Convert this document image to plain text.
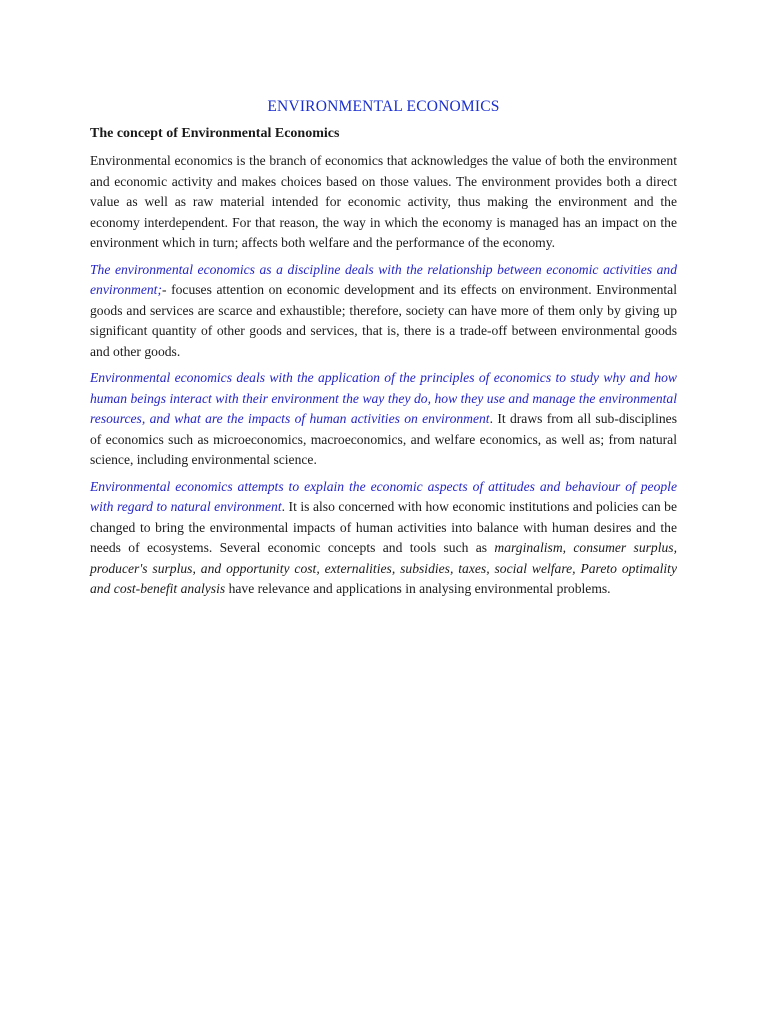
ENVIRONMENTAL ECONOMICS
The concept of Environmental Economics

Environmental economics is the branch of economics that acknowledges the value of both the environment and economic activity and makes choices based on those values. The environment provides both a direct value as well as raw material intended for economic activity, thus making the environment and the economy interdependent. For that reason, the way in which the economy is managed has an impact on the environment which in turn; affects both welfare and the performance of the economy.

The environmental economics as a discipline deals with the relationship between economic activities and environment;- focuses attention on economic development and its effects on environment. Environmental goods and services are scarce and exhaustible; therefore, society can have more of them only by giving up significant quantity of other goods and services, that is, there is a trade-off between environmental goods and other goods.

Environmental economics deals with the application of the principles of economics to study why and how human beings interact with their environment the way they do, how they use and manage the environmental resources, and what are the impacts of human activities on environment. It draws from all sub-disciplines of economics such as microeconomics, macroeconomics, and welfare economics, as well as; from natural science, including environmental science.

Environmental economics attempts to explain the economic aspects of attitudes and behaviour of people with regard to natural environment. It is also concerned with how economic institutions and policies can be changed to bring the environmental impacts of human activities into balance with human desires and the needs of ecosystems. Several economic concepts and tools such as marginalism, consumer surplus, producer's surplus, and opportunity cost, externalities, subsidies, taxes, social welfare, Pareto optimality and cost-benefit analysis have relevance and applications in analysing environmental problems.
